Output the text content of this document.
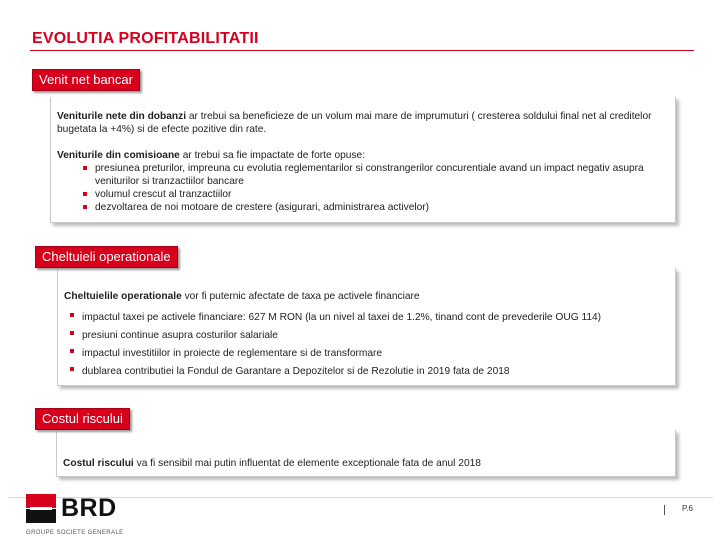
EVOLUTIA PROFITABILITATII

Veniturile nete din dobanzi ar trebui sa beneficieze de un volum mai mare de imprumuturi ( cresterea soldului final net al creditelor bugetata la +4%) si de efecte pozitive din rate.

Veniturile din comisioane ar trebui sa fie impactate de forte opuse:

presiunea preturilor, impreuna cu evolutia reglementarilor si constrangerilor concurentiale avand un impact negativ asupra veniturilor si tranzactiilor bancare
volumul crescut al tranzactiilor
dezvoltarea de noi motoare de crestere (asigurari, administrarea activelor)
Venit net bancar

Cheltuielile operationale vor fi puternic afectate de taxa pe activele financiare

impactul taxei pe activele financiare: 627 M RON (la un nivel al taxei de 1.2%, tinand cont de prevederile OUG 114)
presiuni continue asupra costurilor salariale
impactul investitiilor in proiecte de reglementare si de transformare
dublarea contributiei la Fondul de Garantare a Depozitelor si de Rezolutie in 2019 fata de 2018
Cheltuieli operationale

Costul riscului va fi sensibil mai putin influentat de elemente exceptionale fata de anul 2018

Costul riscului
BRD
GROUPE SOCIETE GENERALE
P.6
